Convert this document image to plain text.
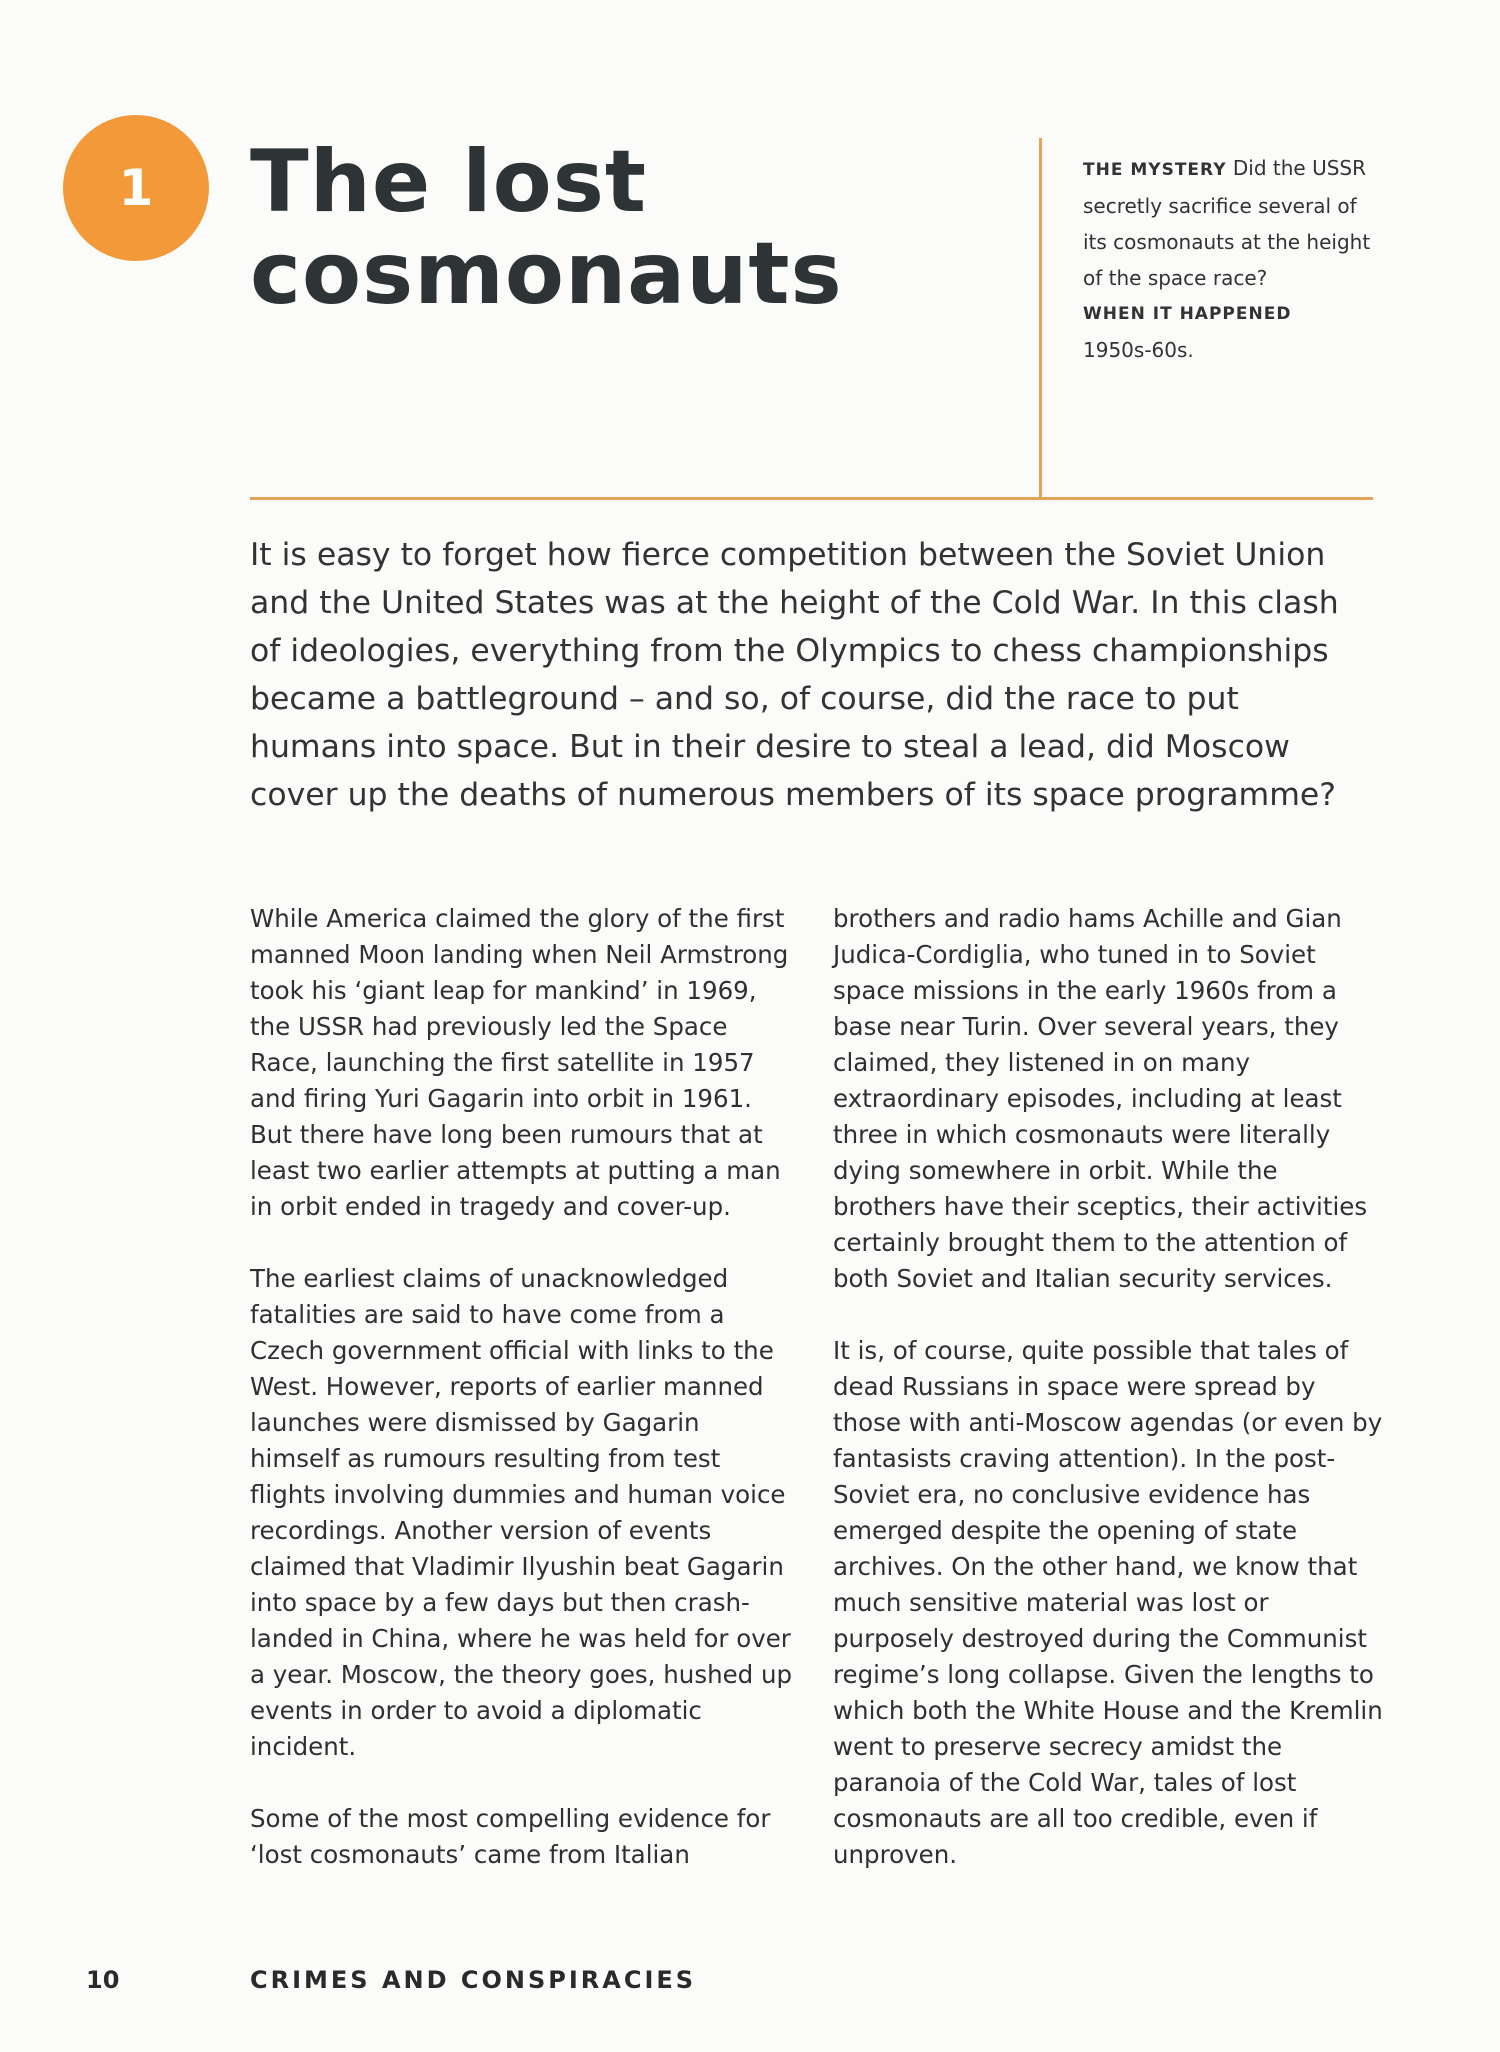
1 The lost
cosmonauts

THE MYSTERY Did the USSR secretly sacrifice several of its cosmonauts at the height of the space race?

WHEN IT HAPPENED

1950s-60s.

It is easy to forget how fierce competition between the Soviet Union and the United States was at the height of the Cold War. In this clash of ideologies, everything from the Olympics to chess championships became a battleground – and so, of course, did the race to put humans into space. But in their desire to steal a lead, did Moscow cover up the deaths of numerous members of its space programme?

While America claimed the glory of the first manned Moon landing when Neil Armstrong took his ‘giant leap for mankind’ in 1969, the USSR had previously led the Space Race, launching the first satellite in 1957 and firing Yuri Gagarin into orbit in 1961. But there have long been rumours that at least two earlier attempts at putting a man in orbit ended in tragedy and cover-up.

The earliest claims of unacknowledged fatalities are said to have come from a Czech government official with links to the West. However, reports of earlier manned launches were dismissed by Gagarin himself as rumours resulting from test flights involving dummies and human voice recordings. Another version of events claimed that Vladimir Ilyushin beat Gagarin into space by a few days but then crash-landed in China, where he was held for over a year. Moscow, the theory goes, hushed up events in order to avoid a diplomatic incident.

Some of the most compelling evidence for ‘lost cosmonauts’ came from Italian

brothers and radio hams Achille and Gian Judica-Cordiglia, who tuned in to Soviet space missions in the early 1960s from a base near Turin. Over several years, they claimed, they listened in on many extraordinary episodes, including at least three in which cosmonauts were literally dying somewhere in orbit. While the brothers have their sceptics, their activities certainly brought them to the attention of both Soviet and Italian security services.

It is, of course, quite possible that tales of dead Russians in space were spread by those with anti-Moscow agendas (or even by fantasists craving attention). In the post-Soviet era, no conclusive evidence has emerged despite the opening of state archives. On the other hand, we know that much sensitive material was lost or purposely destroyed during the Communist regime’s long collapse. Given the lengths to which both the White House and the Kremlin went to preserve secrecy amidst the paranoia of the Cold War, tales of lost cosmonauts are all too credible, even if unproven.

10	CRIMES AND CONSPIRACIES
